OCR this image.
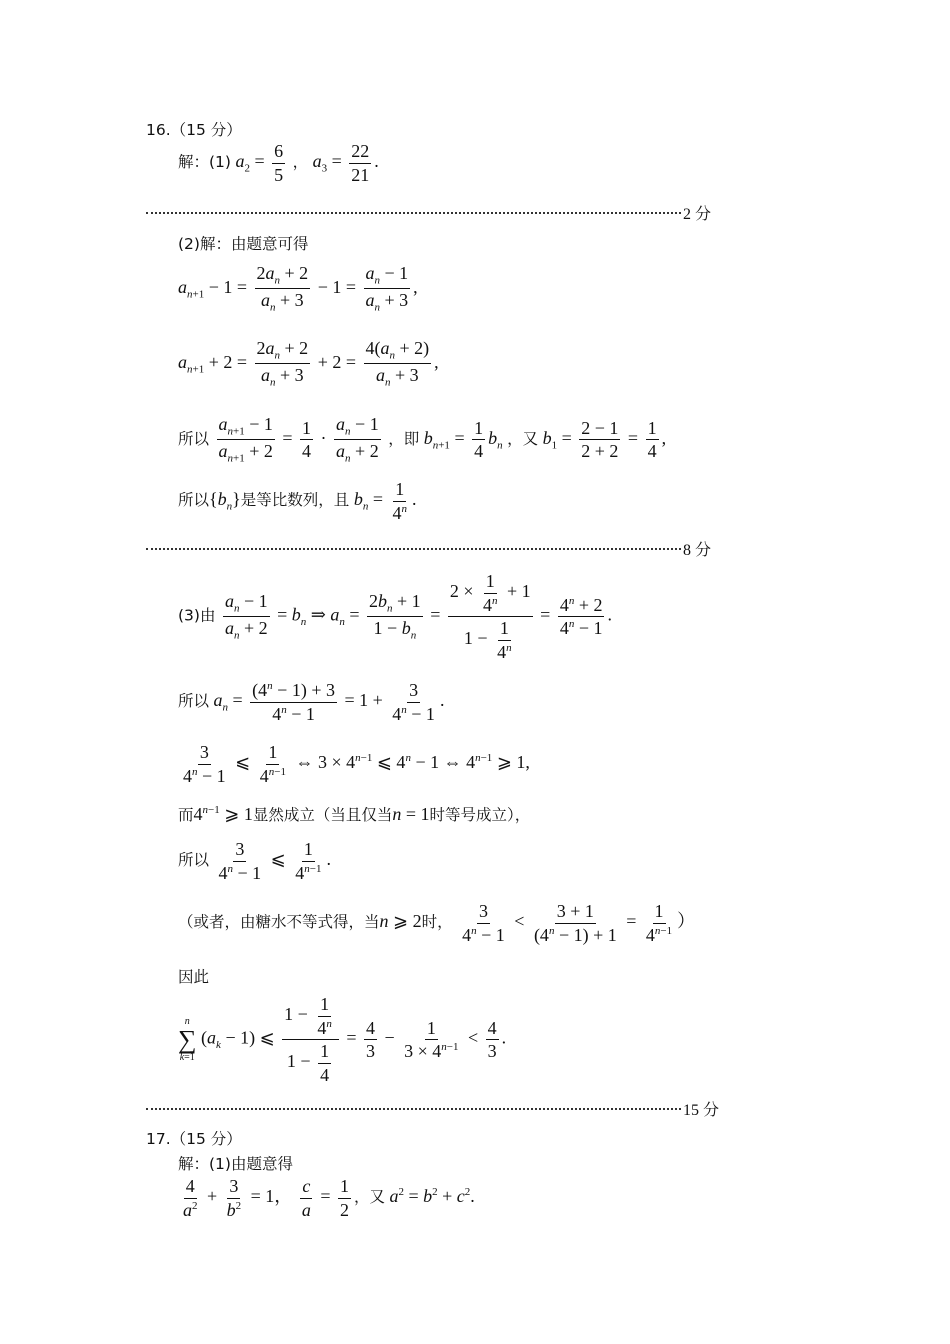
16.（15 分）
解：(1) $a_2 = \frac{6}{5}$ ， $a_3 = \frac{22}{21}$ .
2 分
(2)解：由题意可得
$a_{n+1} - 1 = \frac{2a_n + 2}{a_n + 3} - 1 = \frac{a_n - 1}{a_n + 3}$ ,
$a_{n+1} + 2 = \frac{2a_n + 2}{a_n + 3} + 2 = \frac{4(a_n + 2)}{a_n + 3}$ ,
所以 $\frac{a_{n+1} - 1}{a_{n+1} + 2} = \frac{1}{4} \cdot \frac{a_n - 1}{a_n + 2}$ ，即 $b_{n+1} = \frac{1}{4} b_n$ ，又 $b_1 = \frac{2 - 1}{2 + 2} = \frac{1}{4}$ ,
所以$\{b_n\}$是等比数列，且 $b_n = \frac{1}{4^n}$ .
8 分
(3)由 $\frac{a_n - 1}{a_n + 2} = b_n$ ⇒ $a_n = \frac{2b_n + 1}{1 - b_n} = \frac{2 \times \frac{1}{4^n} + 1}{1 - \frac{1}{4^n}} = \frac{4^n + 2}{4^n - 1}$ .
所以 $a_n = \frac{(4^n - 1) + 3}{4^n - 1} = 1 + \frac{3}{4^n - 1}$ .
$\frac{3}{4^n - 1}$ ⩽ $\frac{1}{4^{n-1}}$ ⇔ $3 \times 4^{n-1}$ ⩽ $4^n - 1$ ⇔ $4^{n-1}$ ⩾ 1,
而$4^{n-1}$ ⩾ 1显然成立（当且仅当n = 1时等号成立），
所以 $\frac{3}{4^n - 1}$ ⩽ $\frac{1}{4^{n-1}}$ .
（或者，由糖水不等式得，当n ⩾ 2时， $\frac{3}{4^n - 1} < \frac{3 + 1}{(4^n - 1) + 1} = \frac{1}{4^{n-1}}$ ）
因此
n
∑
k=1
$(a_k - 1)$ ⩽ $\frac{1 - \frac{1}{4^n}}{1 - \frac{1}{4}} = \frac{4}{3} - \frac{1}{3 \times 4^{n-1}} < \frac{4}{3}$ .
15 分
17.（15 分）
解：(1)由题意得
$\frac{4}{a^2} + \frac{3}{b^2} = 1$， $\frac{c}{a} = \frac{1}{2}$ ，又 $a^2 = b^2 + c^2$.
